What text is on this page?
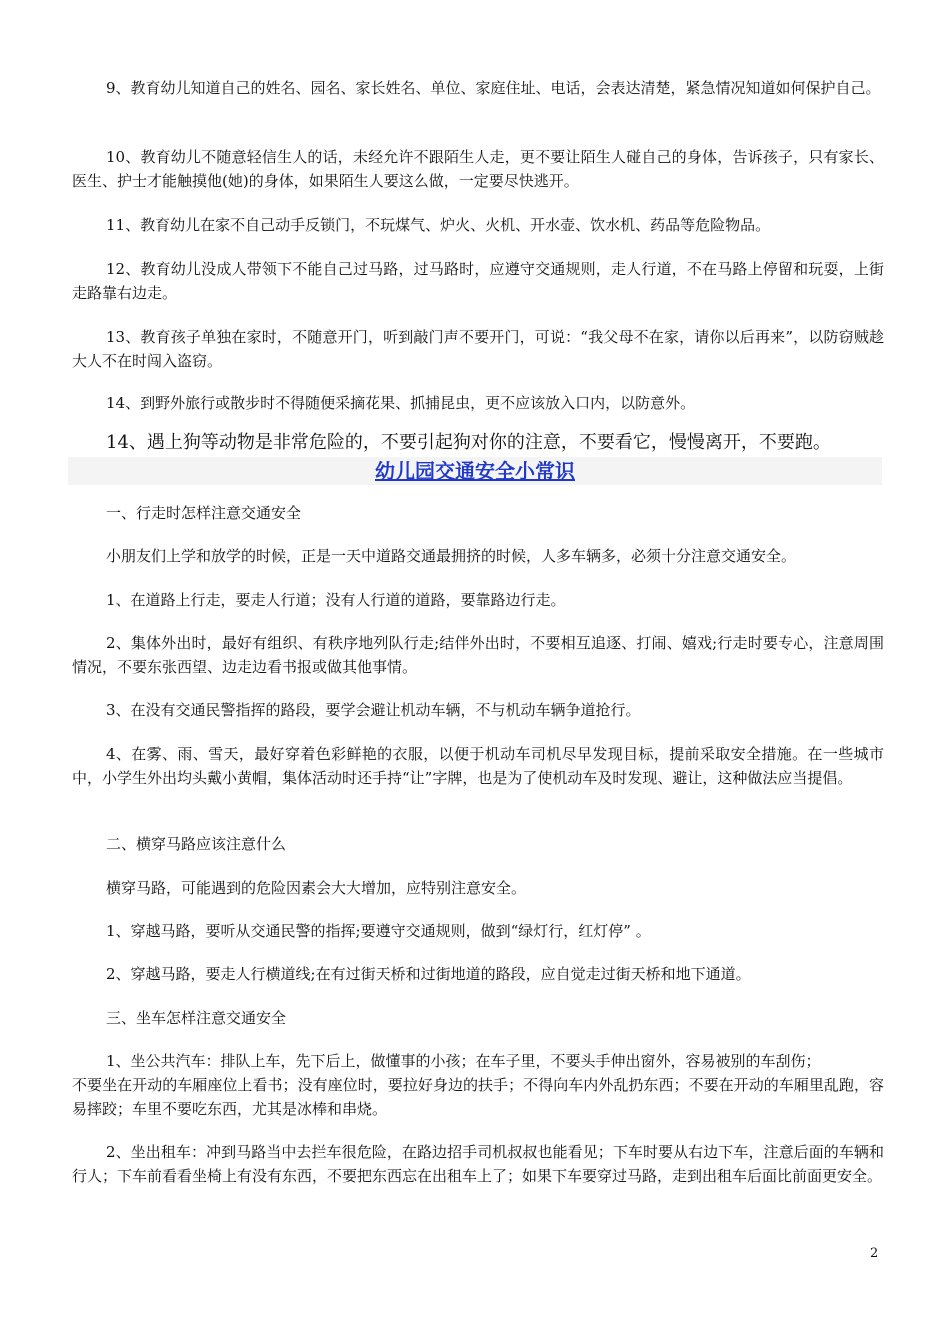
9、教育幼儿知道自己的姓名、园名、家长姓名、单位、家庭住址、电话，会表达清楚，紧急情况知道如何保护自己。

10、教育幼儿不随意轻信生人的话，未经允许不跟陌生人走，更不要让陌生人碰自己的身体，告诉孩子，只有家长、医生、护士才能触摸他(她)的身体，如果陌生人要这么做，一定要尽快逃开。

11、教育幼儿在家不自己动手反锁门，不玩煤气、炉火、火机、开水壶、饮水机、药品等危险物品。

12、教育幼儿没成人带领下不能自己过马路，过马路时，应遵守交通规则，走人行道，不在马路上停留和玩耍，上街走路靠右边走。

13、教育孩子单独在家时，不随意开门，听到敲门声不要开门，可说：“我父母不在家，请你以后再来”，以防窃贼趁大人不在时闯入盗窃。

14、到野外旅行或散步时不得随便采摘花果、抓捕昆虫，更不应该放入口内，以防意外。

14、遇上狗等动物是非常危险的，不要引起狗对你的注意，不要看它，慢慢离开，不要跑。

幼儿园交通安全小常识

一、行走时怎样注意交通安全

小朋友们上学和放学的时候，正是一天中道路交通最拥挤的时候，人多车辆多，必须十分注意交通安全。

1、在道路上行走，要走人行道；没有人行道的道路，要靠路边行走。

2、集体外出时，最好有组织、有秩序地列队行走;结伴外出时，不要相互追逐、打闹、嬉戏;行走时要专心，注意周围情况，不要东张西望、边走边看书报或做其他事情。

3、在没有交通民警指挥的路段，要学会避让机动车辆，不与机动车辆争道抢行。

4、在雾、雨、雪天，最好穿着色彩鲜艳的衣服，以便于机动车司机尽早发现目标，提前采取安全措施。在一些城市中，小学生外出均头戴小黄帽，集体活动时还手持“让”字牌，也是为了使机动车及时发现、避让，这种做法应当提倡。

二、横穿马路应该注意什么

横穿马路，可能遇到的危险因素会大大增加，应特别注意安全。

1、穿越马路，要听从交通民警的指挥;要遵守交通规则，做到“绿灯行，红灯停” 。

2、穿越马路，要走人行横道线;在有过街天桥和过街地道的路段，应自觉走过街天桥和地下通道。

三、坐车怎样注意交通安全

1、坐公共汽车：排队上车，先下后上，做懂事的小孩；在车子里，不要头手伸出窗外，容易被别的车刮伤；

不要坐在开动的车厢座位上看书；没有座位时，要拉好身边的扶手；不得向车内外乱扔东西；不要在开动的车厢里乱跑，容易摔跤；车里不要吃东西，尤其是冰棒和串烧。

2、坐出租车：冲到马路当中去拦车很危险，在路边招手司机叔叔也能看见；下车时要从右边下车，注意后面的车辆和行人；下车前看看坐椅上有没有东西，不要把东西忘在出租车上了；如果下车要穿过马路，走到出租车后面比前面更安全。

2
